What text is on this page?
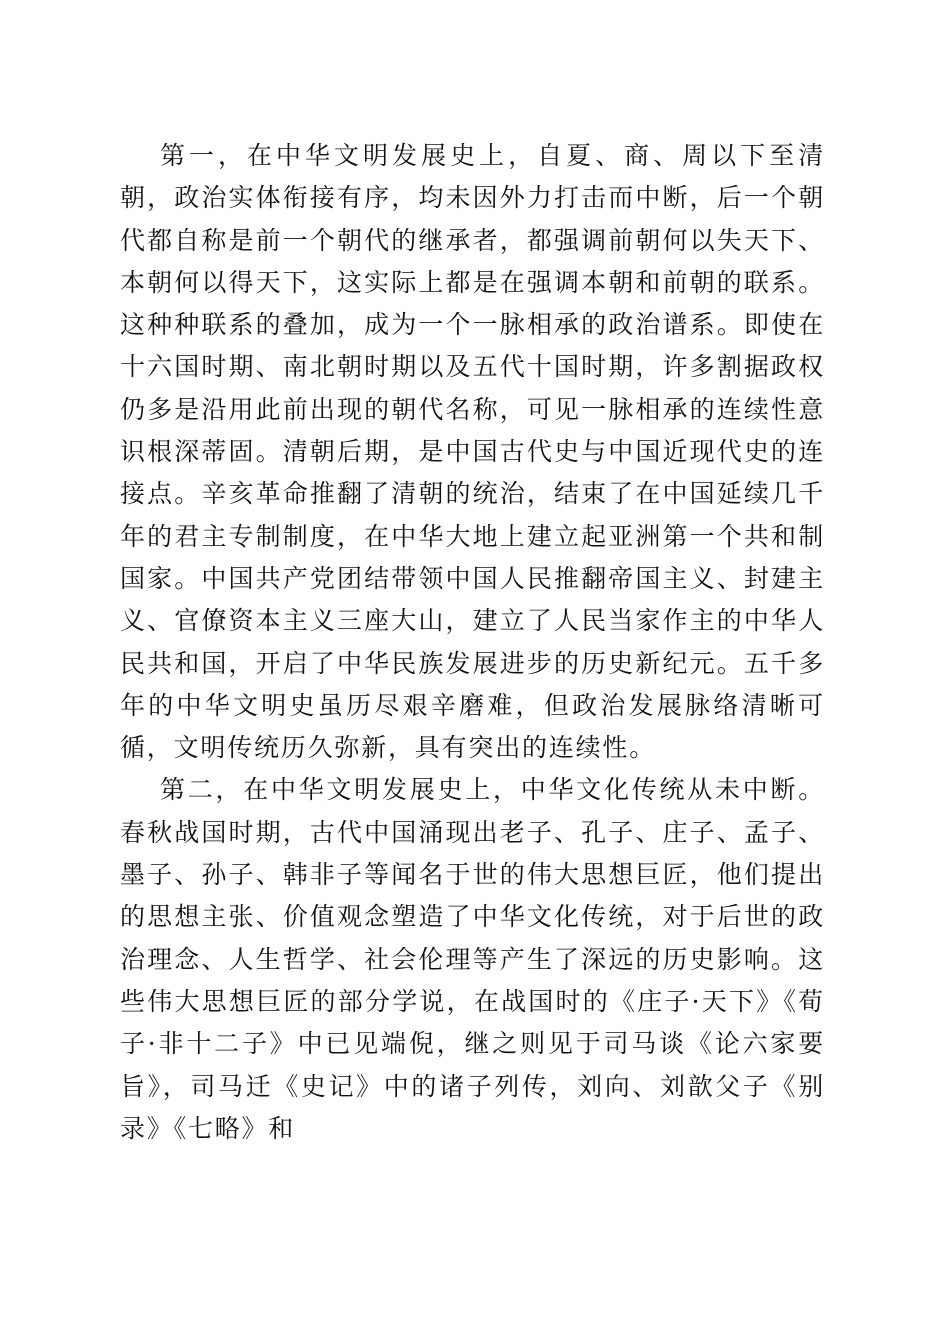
第一，在中华文明发展史上，自夏、商、周以下至清朝，政治实体衔接有序，均未因外力打击而中断，后一个朝代都自称是前一个朝代的继承者，都强调前朝何以失天下、本朝何以得天下，这实际上都是在强调本朝和前朝的联系。这种种联系的叠加，成为一个一脉相承的政治谱系。即使在十六国时期、南北朝时期以及五代十国时期，许多割据政权仍多是沿用此前出现的朝代名称，可见一脉相承的连续性意识根深蒂固。清朝后期，是中国古代史与中国近现代史的连接点。辛亥革命推翻了清朝的统治，结束了在中国延续几千年的君主专制制度，在中华大地上建立起亚洲第一个共和制国家。中国共产党团结带领中国人民推翻帝国主义、封建主义、官僚资本主义三座大山，建立了人民当家作主的中华人民共和国，开启了中华民族发展进步的历史新纪元。五千多年的中华文明史虽历尽艰辛磨难，但政治发展脉络清晰可循，文明传统历久弥新，具有突出的连续性。

第二，在中华文明发展史上，中华文化传统从未中断。春秋战国时期，古代中国涌现出老子、孔子、庄子、孟子、墨子、孙子、韩非子等闻名于世的伟大思想巨匠，他们提出的思想主张、价值观念塑造了中华文化传统，对于后世的政治理念、人生哲学、社会伦理等产生了深远的历史影响。这些伟大思想巨匠的部分学说，在战国时的《庄子·天下》《荀子·非十二子》中已见端倪，继之则见于司马谈《论六家要旨》，司马迁《史记》中的诸子列传，刘向、刘歆父子《别录》《七略》和
